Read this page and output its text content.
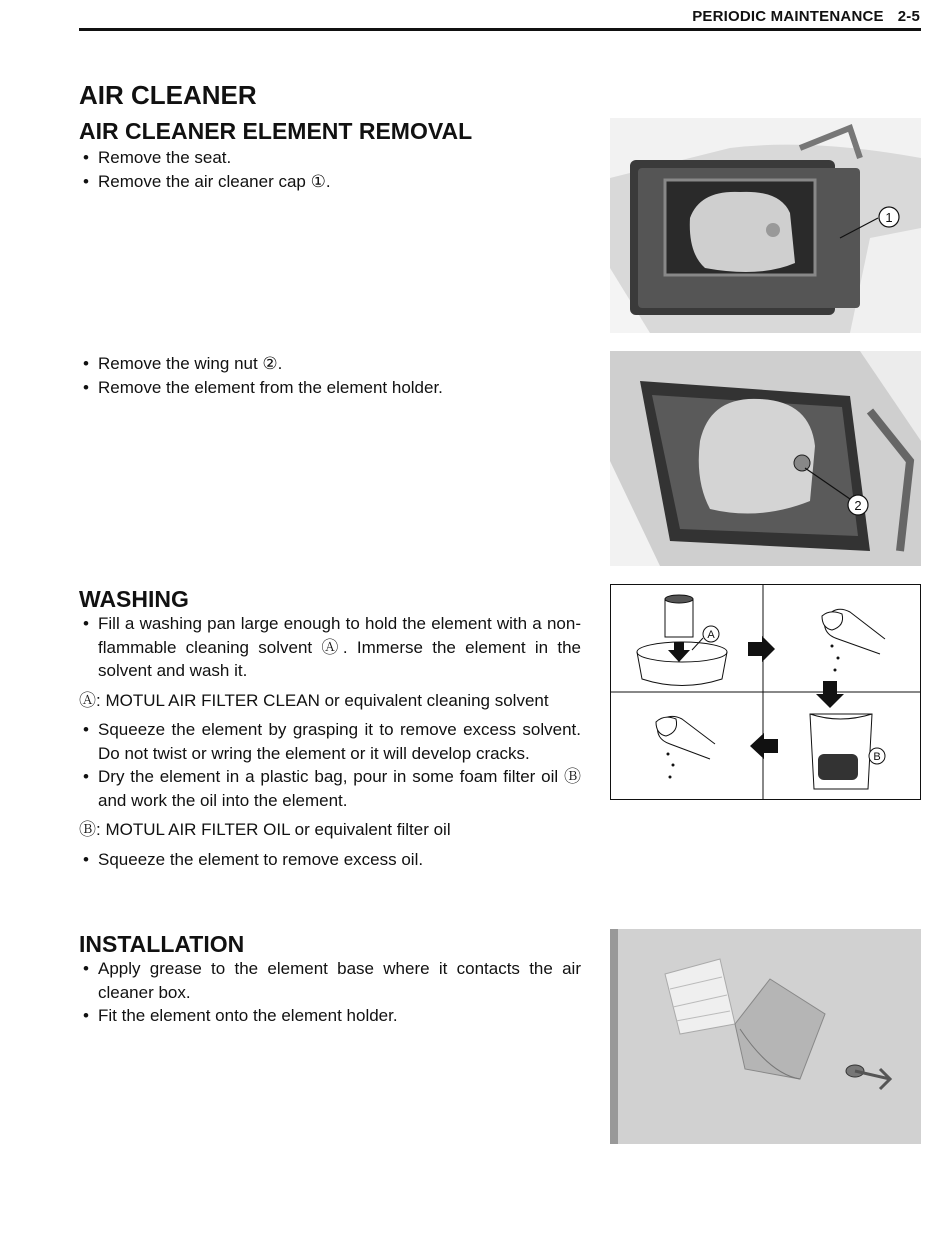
PERIODIC MAINTENANCE 2-5
AIR CLEANER
AIR CLEANER ELEMENT REMOVAL
• Remove the seat.
• Remove the air cleaner cap ①.
• Remove the wing nut ②.
• Remove the element from the element holder.
1
2
WASHING
• Fill a washing pan large enough to hold the element with a non-flammable cleaning solvent Ⓐ. Immerse the element in the solvent and wash it.
Ⓐ: MOTUL AIR FILTER CLEAN or equivalent cleaning solvent
• Squeeze the element by grasping it to remove excess solvent. Do not twist or wring the element or it will develop cracks.
• Dry the element in a plastic bag, pour in some foam filter oil Ⓑ and work the oil into the element.
Ⓑ: MOTUL AIR FILTER OIL or equivalent filter oil
• Squeeze the element to remove excess oil.
A
B
INSTALLATION
• Apply grease to the element base where it contacts the air cleaner box.
• Fit the element onto the element holder.
